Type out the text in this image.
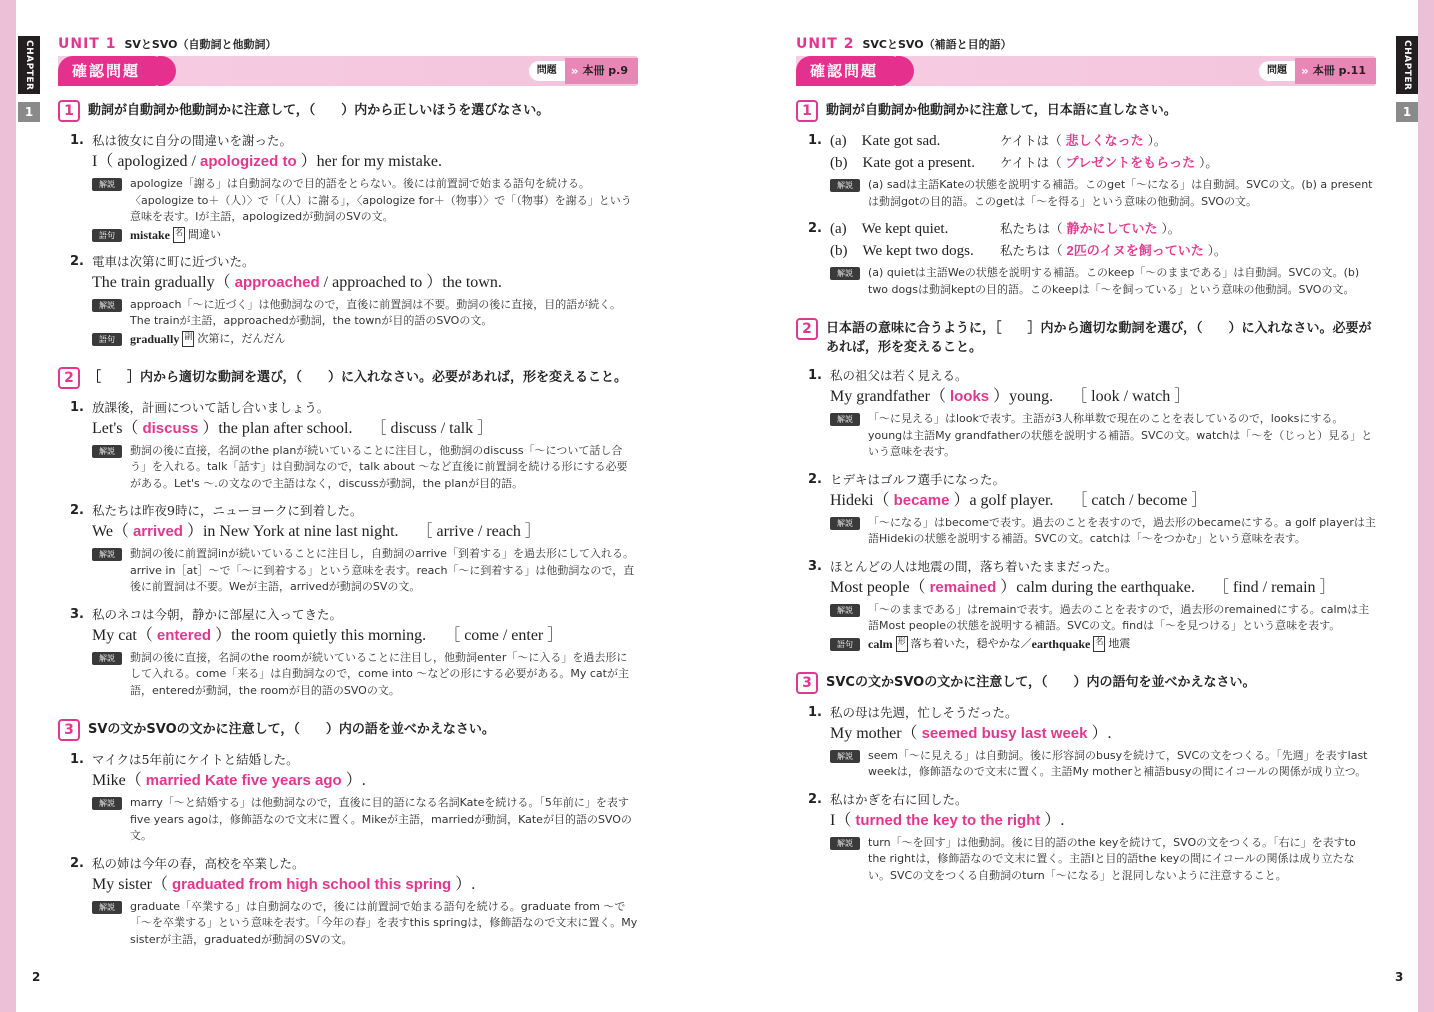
CHAPTER
1
CHAPTER
1
UNIT 1 SVとSVO（自動詞と他動詞）
確認問題	問題	» 本冊 p.9
1	動詞が自動詞か他動詞かに注意して，（　　）内から正しいほうを選びなさい。
1. 私は彼女に自分の間違いを謝った。
I（ apologized / apologized to ）her for my mistake.
解説	apologize「謝る」は自動詞なので目的語をとらない。後には前置詞で始まる語句を続ける。〈apologize to＋（人）〉で「（人）に謝る」，〈apologize for＋（物事）〉で「（物事）を謝る」という意味を表す。Iが主語，apologizedが動詞のSVの文。
語句	mistake 名 間違い
2. 電車は次第に町に近づいた。
The train gradually（ approached / approached to ）the town.
解説	approach「～に近づく」は他動詞なので，直後に前置詞は不要。動詞の後に直接，目的語が続く。The trainが主語，approachedが動詞，the townが目的語のSVOの文。
語句	gradually 副 次第に，だんだん
2	［　　］内から適切な動詞を選び，（　　）に入れなさい。必要があれば，形を変えること。
1. 放課後，計画について話し合いましょう。
Let's（ discuss ）the plan after school. ［ discuss / talk ］
解説	動詞の後に直接，名詞のthe planが続いていることに注目し，他動詞のdiscuss「～について話し合う」を入れる。talk「話す」は自動詞なので，talk about ～など直後に前置詞を続ける形にする必要がある。Let's ～.の文なので主語はなく，discussが動詞，the planが目的語。
2. 私たちは昨夜9時に，ニューヨークに到着した。
We（ arrived ）in New York at nine last night. ［ arrive / reach ］
解説	動詞の後に前置詞inが続いていることに注目し，自動詞のarrive「到着する」を過去形にして入れる。arrive in［at］～で「～に到着する」という意味を表す。reach「～に到着する」は他動詞なので，直後に前置詞は不要。Weが主語，arrivedが動詞のSVの文。
3. 私のネコは今朝，静かに部屋に入ってきた。
My cat（ entered ）the room quietly this morning. ［ come / enter ］
解説	動詞の後に直接，名詞のthe roomが続いていることに注目し，他動詞enter「～に入る」を過去形にして入れる。come「来る」は自動詞なので，come into ～などの形にする必要がある。My catが主語，enteredが動詞，the roomが目的語のSVOの文。
3	SVの文かSVOの文かに注意して，（　　）内の語を並べかえなさい。
1. マイクは5年前にケイトと結婚した。
Mike（ married Kate five years ago ）.
解説	marry「～と結婚する」は他動詞なので，直後に目的語になる名詞Kateを続ける。「5年前に」を表すfive years agoは，修飾語なので文末に置く。Mikeが主語，marriedが動詞，Kateが目的語のSVOの文。
2. 私の姉は今年の春，高校を卒業した。
My sister（ graduated from high school this spring ）.
解説	graduate「卒業する」は自動詞なので，後には前置詞で始まる語句を続ける。graduate from ～で「～を卒業する」という意味を表す。「今年の春」を表すthis springは，修飾語なので文末に置く。My sisterが主語，graduatedが動詞のSVの文。
2
UNIT 2 SVCとSVO（補語と目的語）
確認問題	問題	» 本冊 p.11
1	動詞が自動詞か他動詞かに注意して，日本語に直しなさい。
1. (a)　Kate got sad.	ケイトは（ 悲しくなった ）。
(b)　Kate got a present.	ケイトは（ プレゼントをもらった ）。
解説	(a) sadは主語Kateの状態を説明する補語。このget「～になる」は自動詞。SVCの文。(b) a presentは動詞gotの目的語。このgetは「～を得る」という意味の他動詞。SVOの文。
2. (a)　We kept quiet.	私たちは（ 静かにしていた ）。
(b)　We kept two dogs.	私たちは（ 2匹のイヌを飼っていた ）。
解説	(a) quietは主語Weの状態を説明する補語。このkeep「～のままである」は自動詞。SVCの文。(b) two dogsは動詞keptの目的語。このkeepは「～を飼っている」という意味の他動詞。SVOの文。
2	日本語の意味に合うように，［　　］内から適切な動詞を選び，（　　）に入れなさい。必要があれば，形を変えること。
1. 私の祖父は若く見える。
My grandfather（ looks ）young. ［ look / watch ］
解説	「～に見える」はlookで表す。主語が3人称単数で現在のことを表しているので，looksにする。youngは主語My grandfatherの状態を説明する補語。SVCの文。watchは「～を（じっと）見る」という意味を表す。
2. ヒデキはゴルフ選手になった。
Hideki（ became ）a golf player. ［ catch / become ］
解説	「～になる」はbecomeで表す。過去のことを表すので，過去形のbecameにする。a golf playerは主語Hidekiの状態を説明する補語。SVCの文。catchは「～をつかむ」という意味を表す。
3. ほとんどの人は地震の間，落ち着いたままだった。
Most people（ remained ）calm during the earthquake. ［ find / remain ］
解説	「～のままである」はremainで表す。過去のことを表すので，過去形のremainedにする。calmは主語Most peopleの状態を説明する補語。SVCの文。findは「～を見つける」という意味を表す。
語句	calm 形 落ち着いた，穏やかな／ earthquake 名 地震
3	SVCの文かSVOの文かに注意して，（　　）内の語句を並べかえなさい。
1. 私の母は先週，忙しそうだった。
My mother（ seemed busy last week ）.
解説	seem「～に見える」は自動詞。後に形容詞のbusyを続けて，SVCの文をつくる。「先週」を表すlast weekは，修飾語なので文末に置く。主語My motherと補語busyの間にイコールの関係が成り立つ。
2. 私はかぎを右に回した。
I（ turned the key to the right ）.
解説	turn「～を回す」は他動詞。後に目的語のthe keyを続けて，SVOの文をつくる。「右に」を表すto the rightは，修飾語なので文末に置く。主語Iと目的語the keyの間にイコールの関係は成り立たない。SVCの文をつくる自動詞のturn「～になる」と混同しないように注意すること。
3
